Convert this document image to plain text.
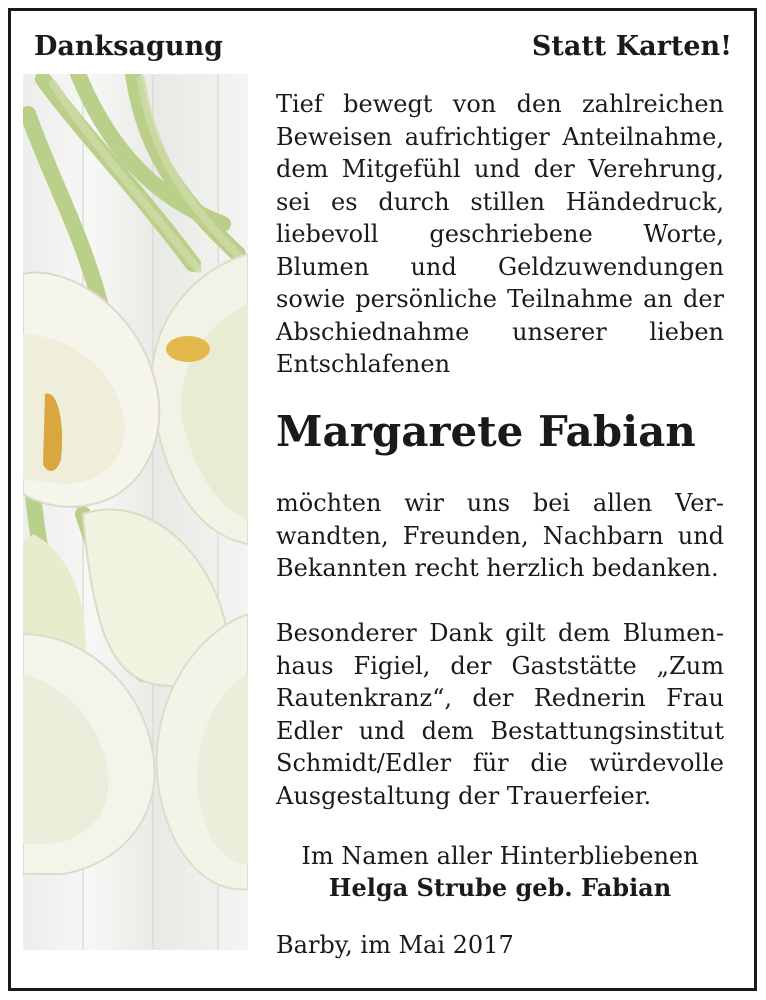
Danksagung	Statt Karten!
Tief bewegt von den zahlreichen Beweisen aufrichtiger Anteilnahme, dem Mitgefühl und der Verehrung, sei es durch stillen Händedruck, liebevoll geschriebene Worte, Blumen und Geldzuwendungen sowie persönliche Teilnahme an der Abschiednahme unserer lieben Entschlafenen
Margarete Fabian
möchten wir uns bei allen Verwandten, Freunden, Nachbarn und Bekannten recht herzlich bedanken.
Besonderer Dank gilt dem Blumenhaus Figiel, der Gaststätte „Zum Rautenkranz“, der Rednerin Frau Edler und dem Bestattungsinstitut Schmidt/Edler für die würdevolle Ausgestaltung der Trauerfeier.
Im Namen aller Hinterbliebenen
Helga Strube geb. Fabian
Barby, im Mai 2017
